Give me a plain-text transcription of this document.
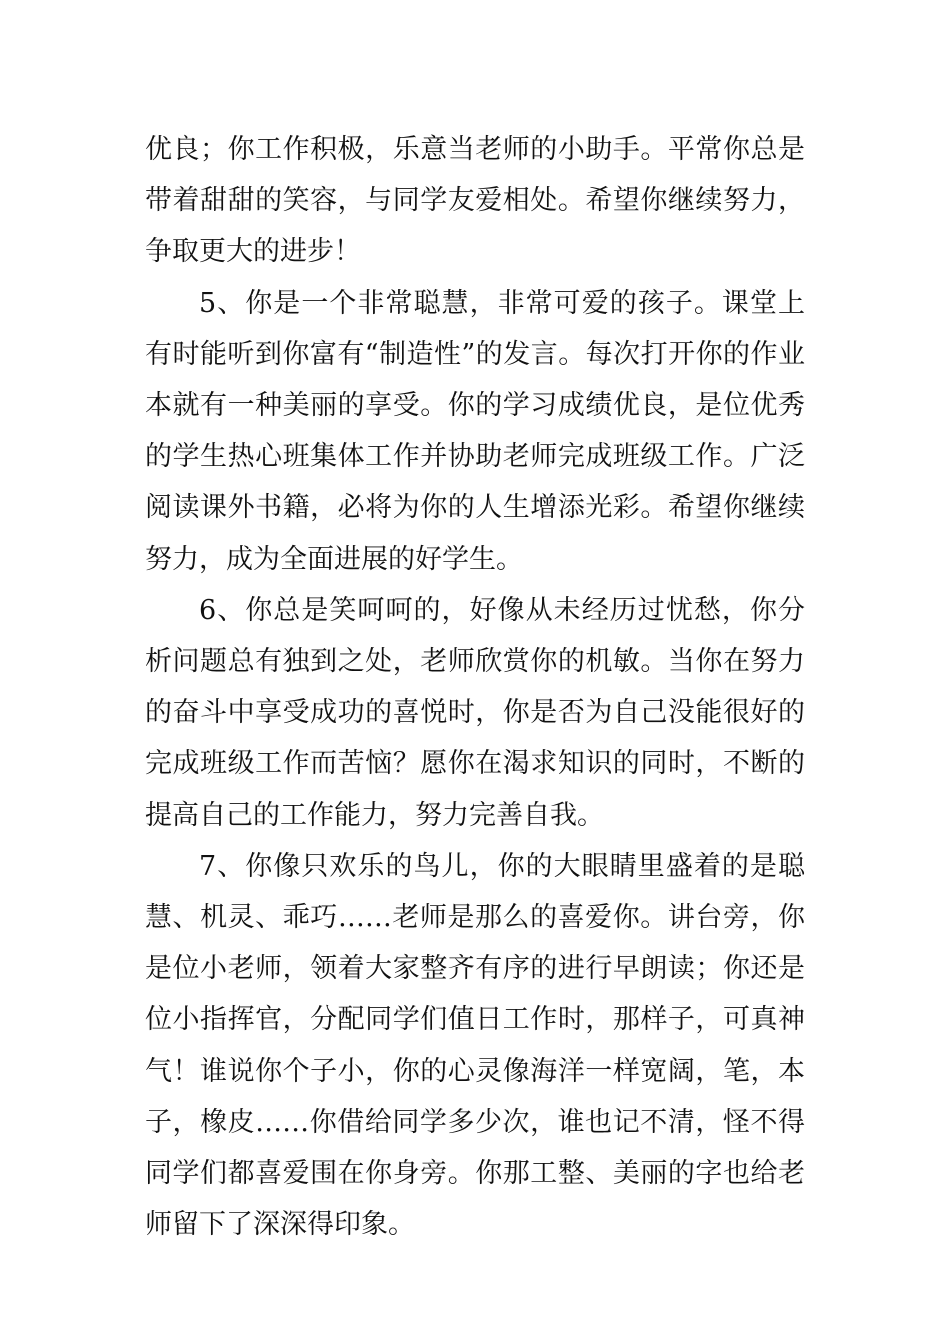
优良；你工作积极，乐意当老师的小助手。平常你总是带着甜甜的笑容，与同学友爱相处。希望你继续努力，争取更大的进步！

5、你是一个非常聪慧，非常可爱的孩子。课堂上有时能听到你富有“制造性”的发言。每次打开你的作业本就有一种美丽的享受。你的学习成绩优良，是位优秀的学生热心班集体工作并协助老师完成班级工作。广泛阅读课外书籍，必将为你的人生增添光彩。希望你继续努力，成为全面进展的好学生。

6、你总是笑呵呵的，好像从未经历过忧愁，你分析问题总有独到之处，老师欣赏你的机敏。当你在努力的奋斗中享受成功的喜悦时，你是否为自己没能很好的完成班级工作而苦恼？愿你在渴求知识的同时，不断的提高自己的工作能力，努力完善自我。

7、你像只欢乐的鸟儿，你的大眼睛里盛着的是聪慧、机灵、乖巧……老师是那么的喜爱你。讲台旁，你是位小老师，领着大家整齐有序的进行早朗读；你还是位小指挥官，分配同学们值日工作时，那样子，可真神气！谁说你个子小，你的心灵像海洋一样宽阔，笔，本子，橡皮……你借给同学多少次，谁也记不清，怪不得同学们都喜爱围在你身旁。你那工整、美丽的字也给老师留下了深深得印象。
